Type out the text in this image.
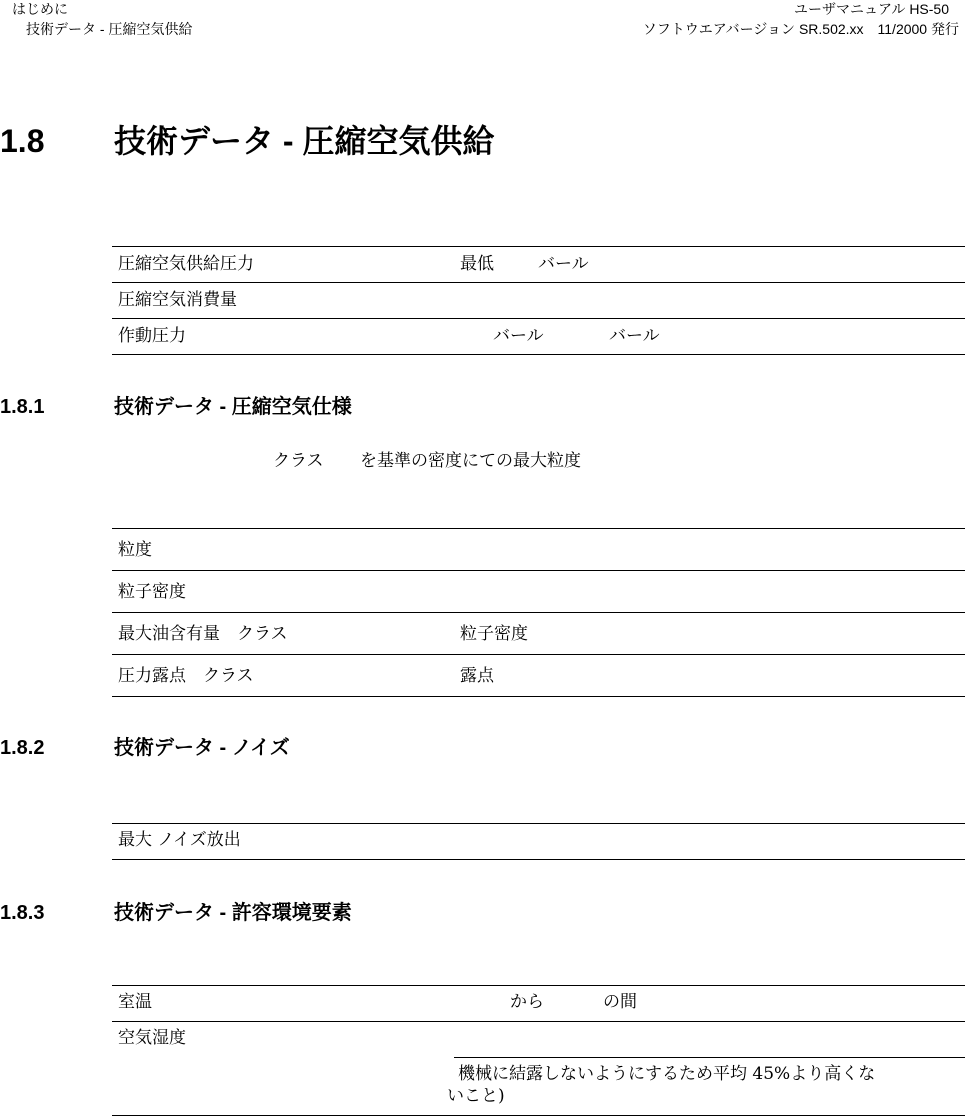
はじめに
技術データ - 圧縮空気供給
ユーザマニュアル HS-50
ソフトウエアバージョン SR.502.xx　11/2000 発行
1.8 技術データ - 圧縮空気供給
圧縮空気供給圧力	最低	バール
圧縮空気消費量
作動圧力	バール	バール
1.8.1	技術データ - 圧縮空気仕様
クラス を基準の密度にての最大粒度
粒度
粒子密度
最大油含有量　クラス	粒子密度
圧力露点　クラス	露点
1.8.2	技術データ - ノイズ
最大 ノイズ放出
1.8.3	技術データ - 許容環境要素
室温	から	の間
空気湿度
機械に結露しないようにするため平均 45%より高くな
いこと)
